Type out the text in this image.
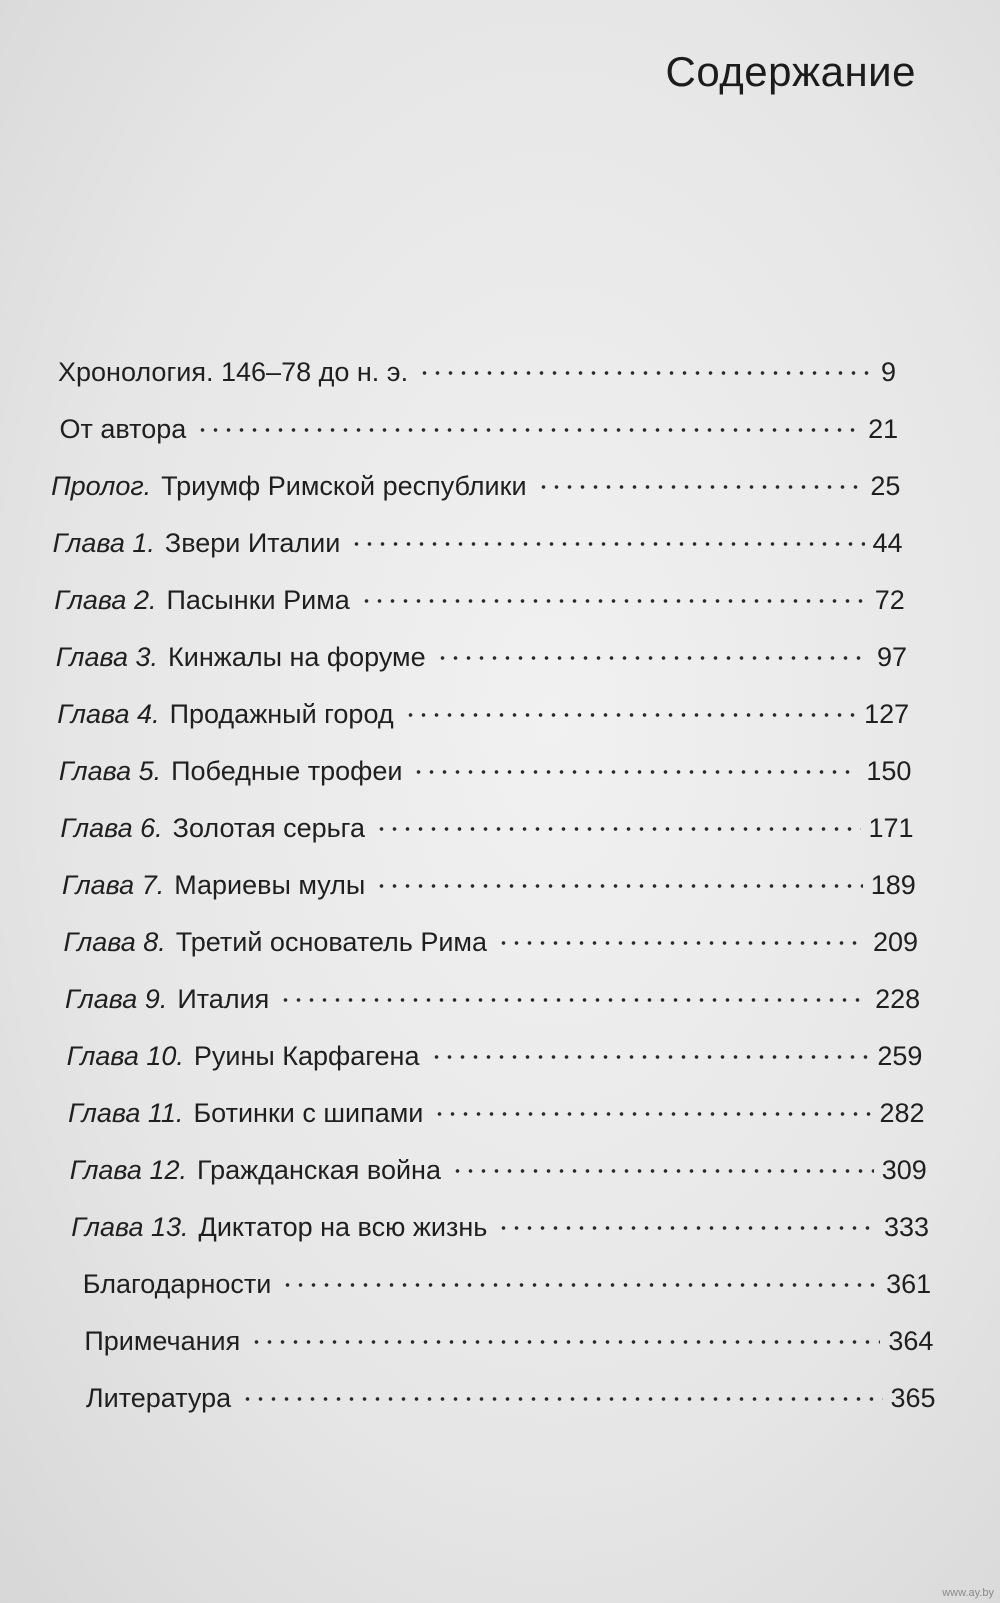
Содержание
Хронология. 146–78 до н. э.	9
От автора	21
Пролог. Триумф Римской республики	25
Глава 1. Звери Италии	44
Глава 2. Пасынки Рима	72
Глава 3. Кинжалы на форуме	97
Глава 4. Продажный город	127
Глава 5. Победные трофеи	150
Глава 6. Золотая серьга	171
Глава 7. Мариевы мулы	189
Глава 8. Третий основатель Рима	209
Глава 9. Италия	228
Глава 10. Руины Карфагена	259
Глава 11. Ботинки с шипами	282
Глава 12. Гражданская война	309
Глава 13. Диктатор на всю жизнь	333
Благодарности	361
Примечания	364
Литература	365
www.ay.by
